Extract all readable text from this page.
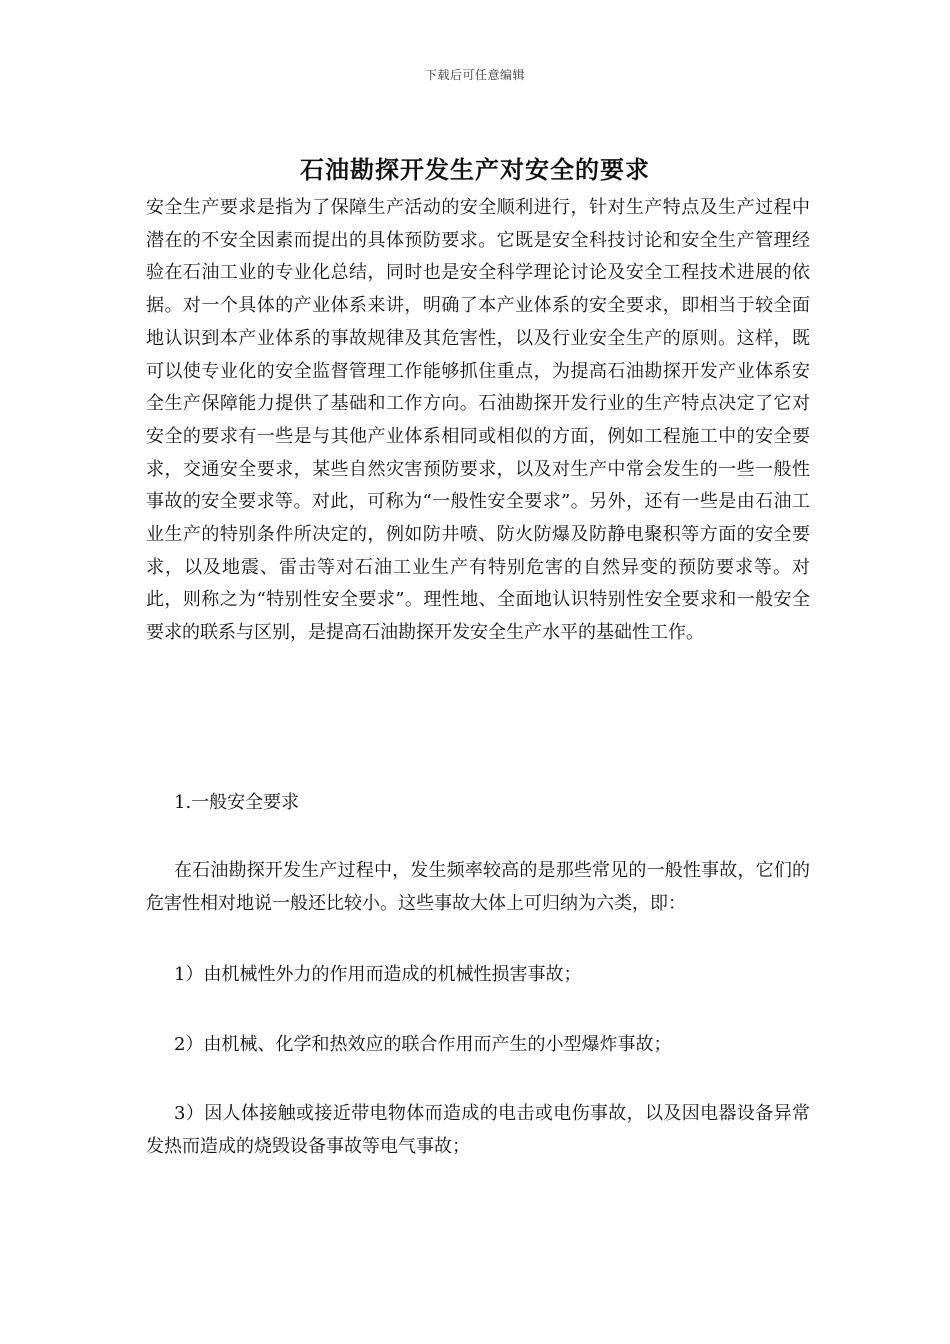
下载后可任意编辑
石油勘探开发生产对安全的要求

安全生产要求是指为了保障生产活动的安全顺利进行，针对生产特点及生产过程中潜在的不安全因素而提出的具体预防要求。它既是安全科技讨论和安全生产管理经验在石油工业的专业化总结，同时也是安全科学理论讨论及安全工程技术进展的依据。对一个具体的产业体系来讲，明确了本产业体系的安全要求，即相当于较全面地认识到本产业体系的事故规律及其危害性，以及行业安全生产的原则。这样，既可以使专业化的安全监督管理工作能够抓住重点，为提高石油勘探开发产业体系安全生产保障能力提供了基础和工作方向。石油勘探开发行业的生产特点决定了它对安全的要求有一些是与其他产业体系相同或相似的方面，例如工程施工中的安全要求，交通安全要求，某些自然灾害预防要求，以及对生产中常会发生的一些一般性事故的安全要求等。对此，可称为“一般性安全要求”。另外，还有一些是由石油工业生产的特别条件所决定的，例如防井喷、防火防爆及防静电聚积等方面的安全要求，以及地震、雷击等对石油工业生产有特别危害的自然异变的预防要求等。对此，则称之为“特别性安全要求”。理性地、全面地认识特别性安全要求和一般安全要求的联系与区别，是提高石油勘探开发安全生产水平的基础性工作。

1.一般安全要求

在石油勘探开发生产过程中，发生频率较高的是那些常见的一般性事故，它们的危害性相对地说一般还比较小。这些事故大体上可归纳为六类，即：

1）由机械性外力的作用而造成的机械性损害事故；

2）由机械、化学和热效应的联合作用而产生的小型爆炸事故；

3）因人体接触或接近带电物体而造成的电击或电伤事故，以及因电器设备异常发热而造成的烧毁设备事故等电气事故；
